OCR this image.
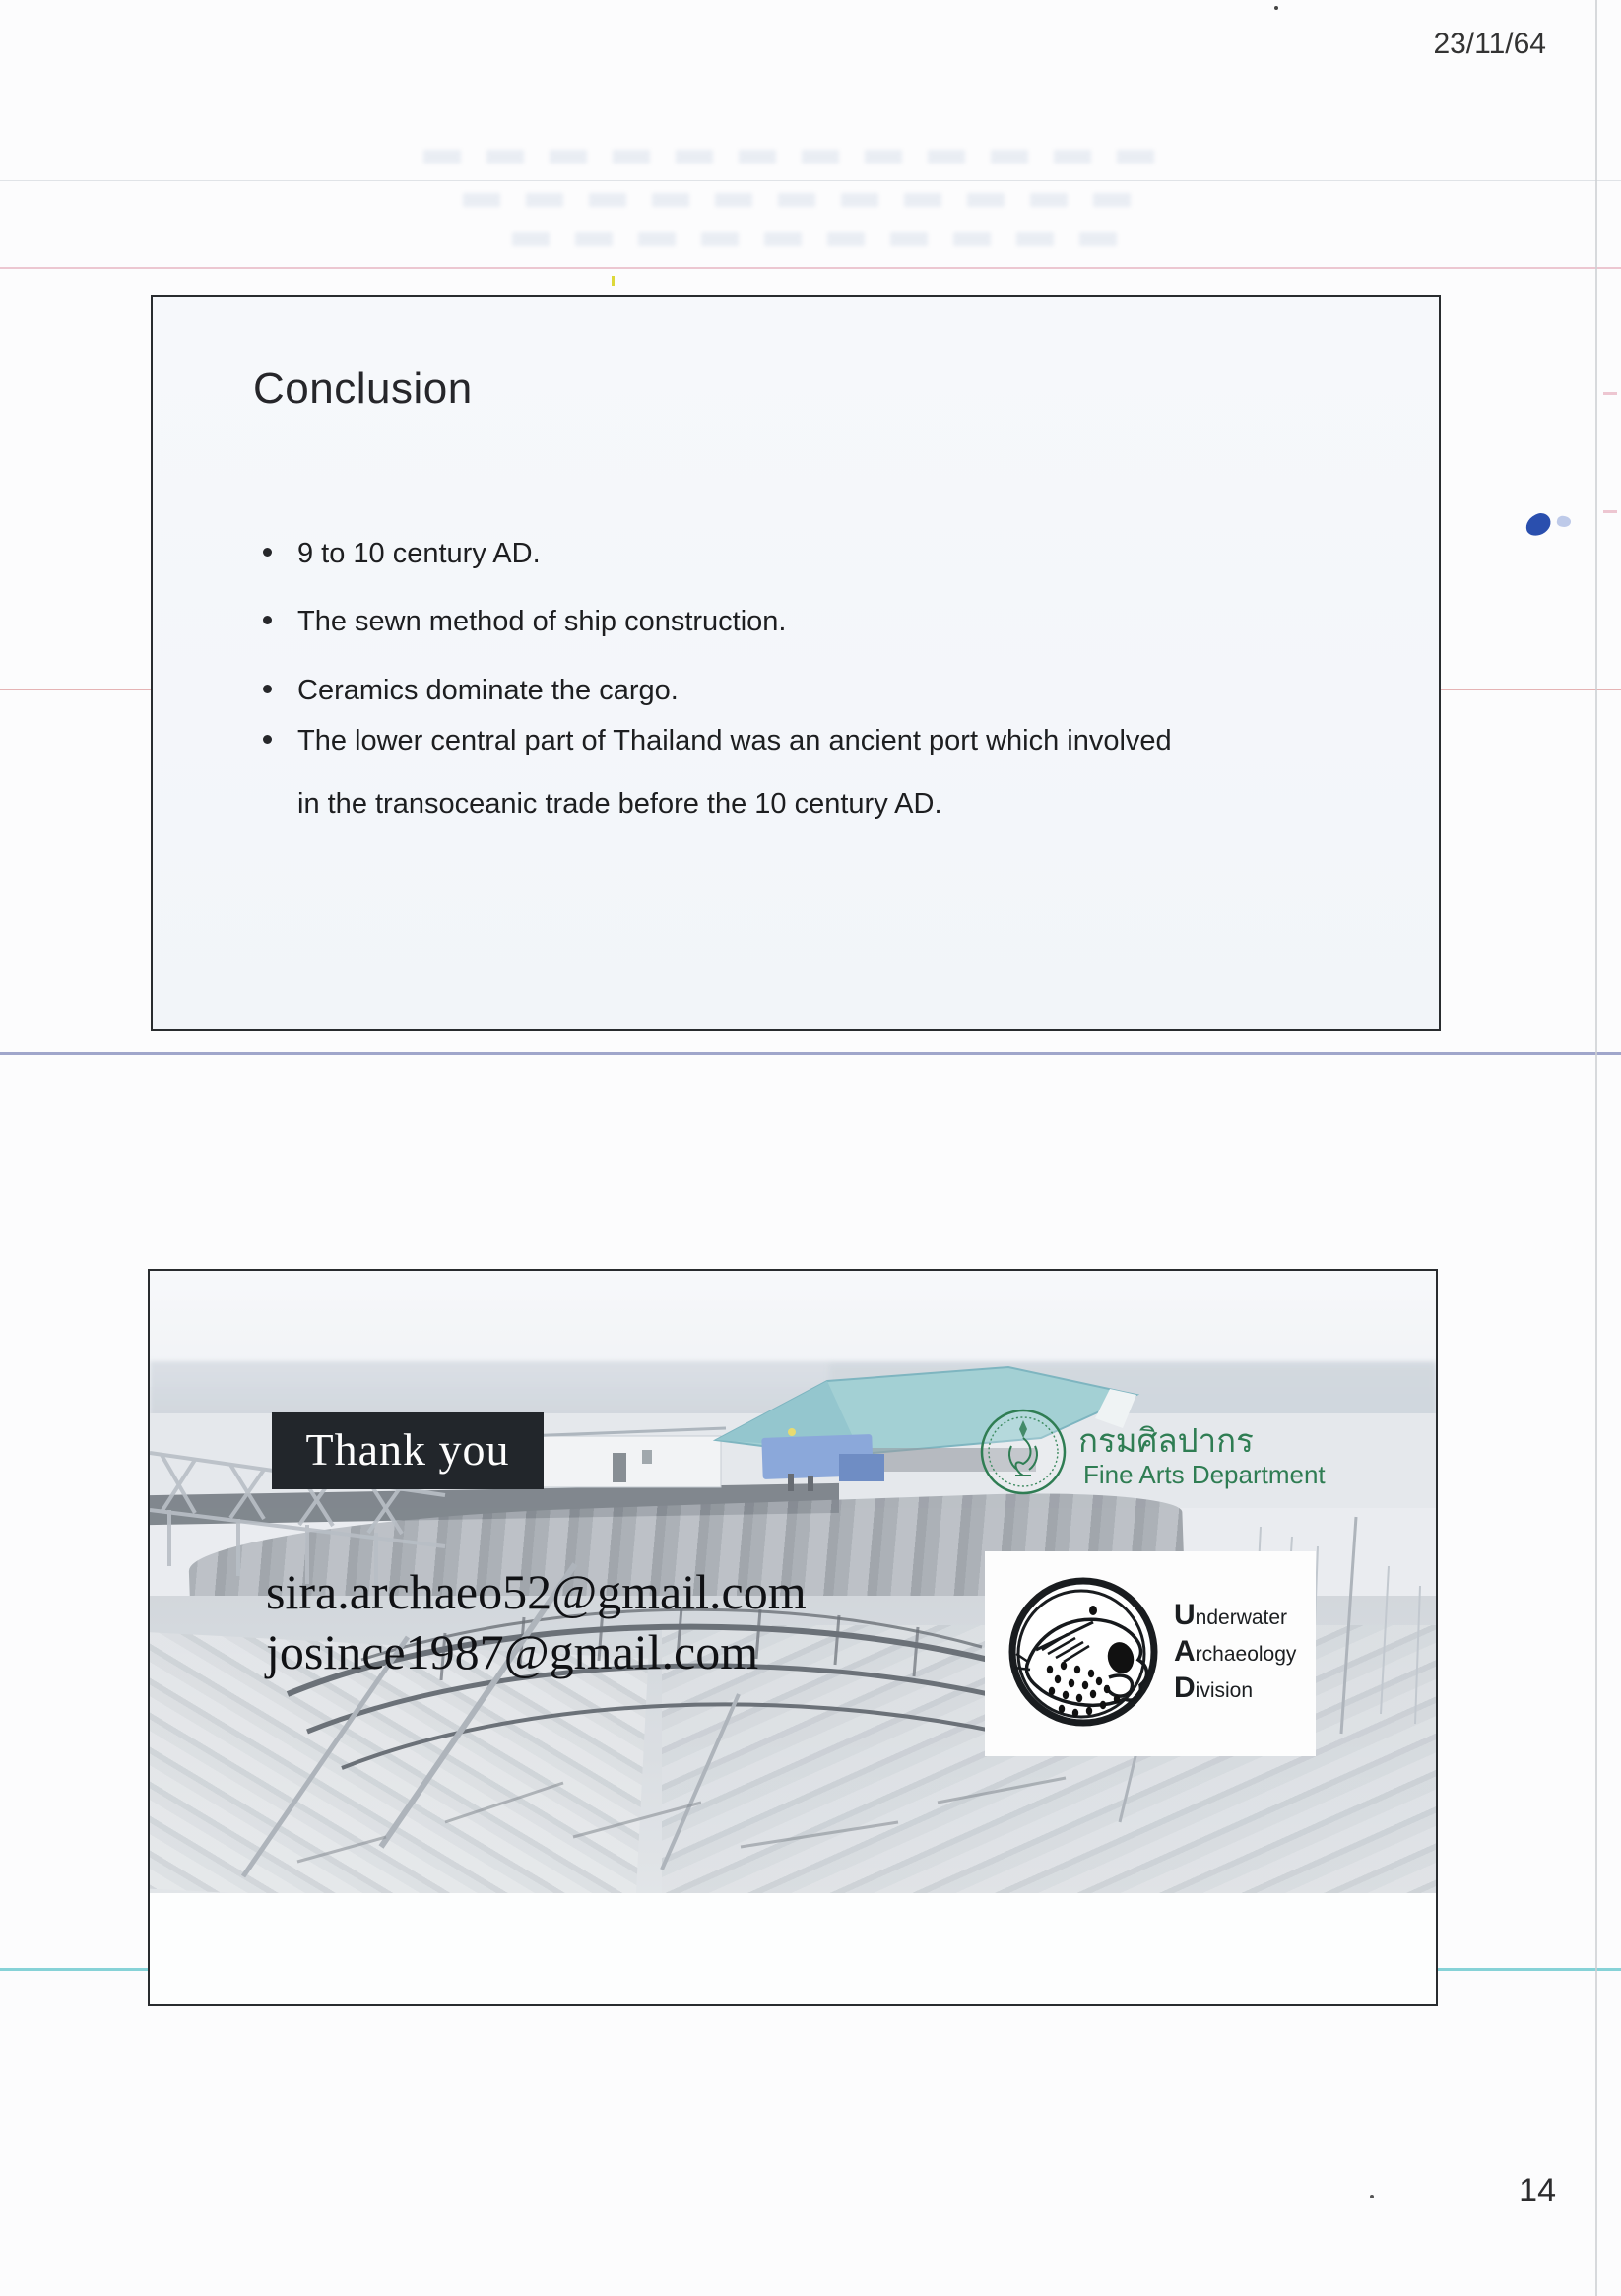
23/11/64
Conclusion
9 to 10 century AD.
The sewn method of ship construction.
Ceramics dominate the cargo.
The lower central part of Thailand was an ancient port which involved in the transoceanic trade before the 10 century AD.
Thank you	กรมศิลปากร
Fine Arts Department
sira.archaeo52@gmail.com
josince1987@gmail.com
Underwater
Archaeology
Division
14
